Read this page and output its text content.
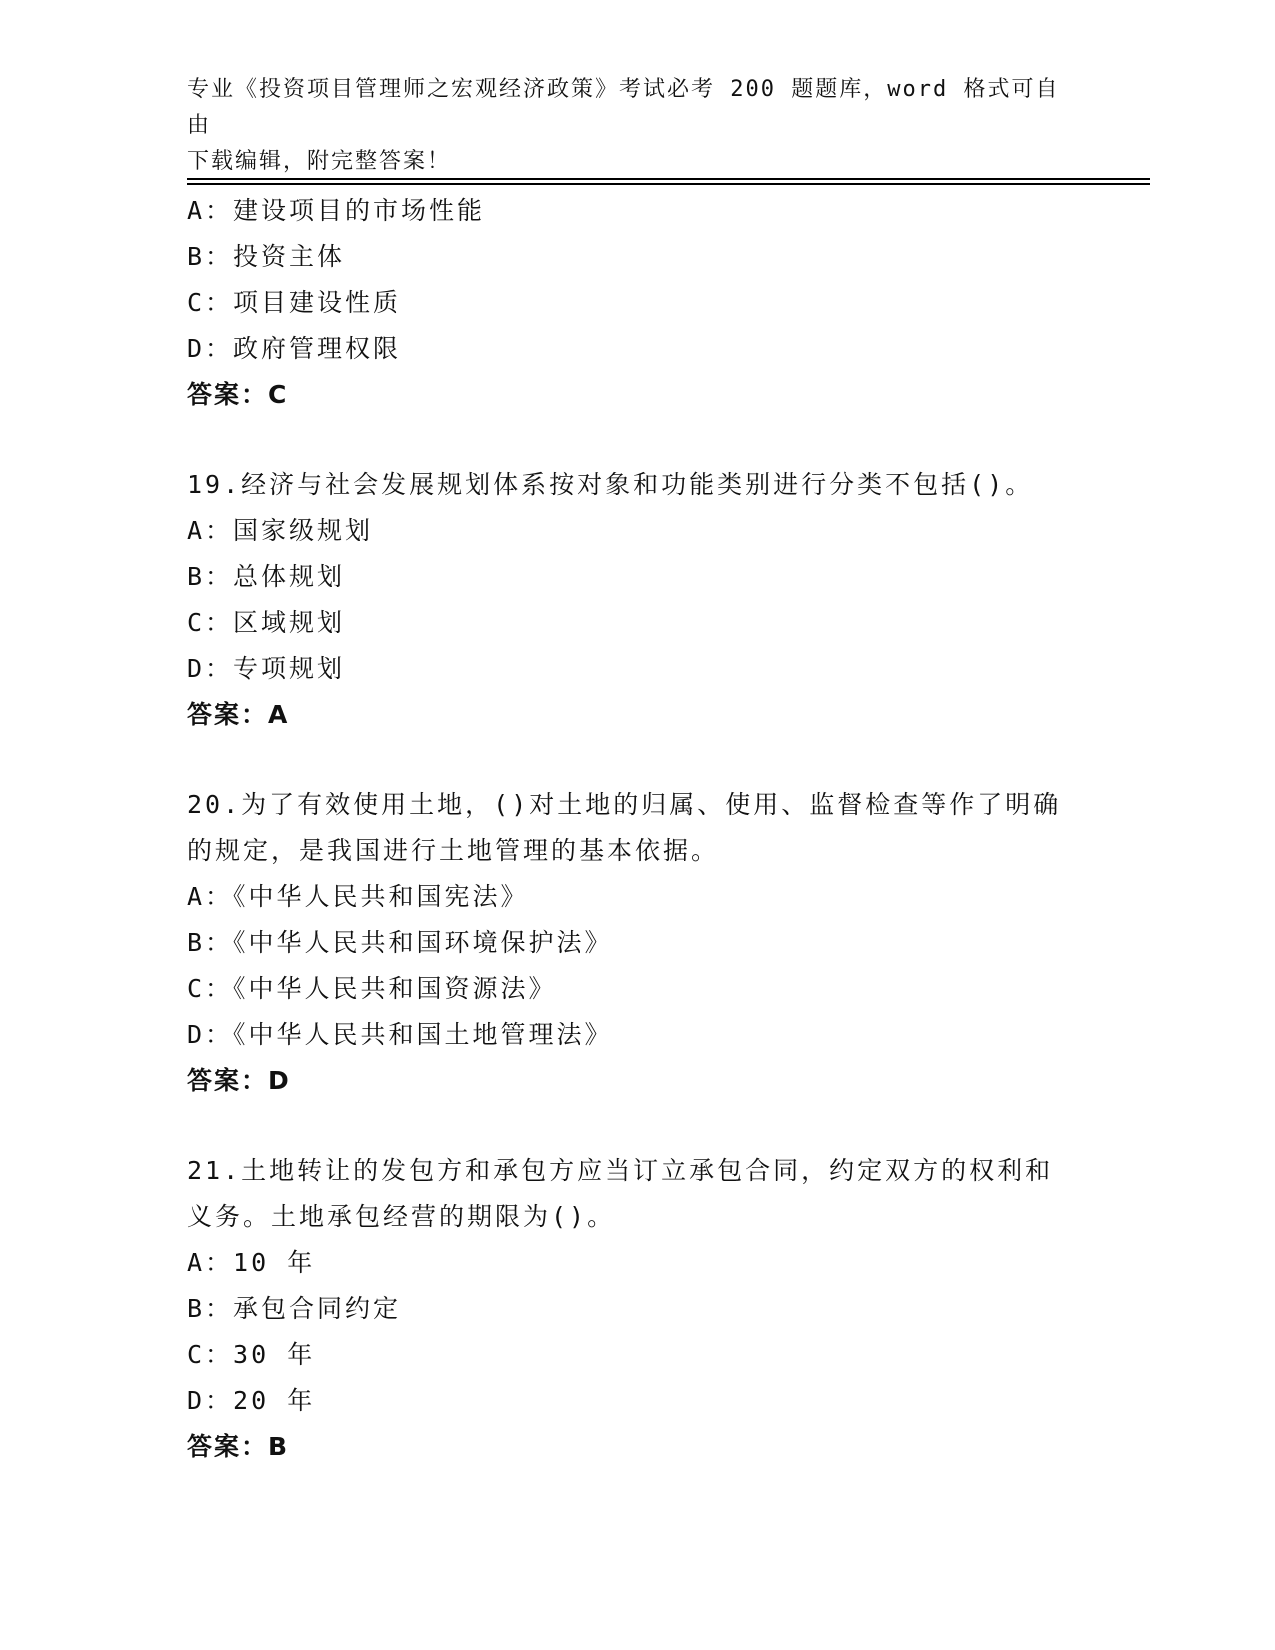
专业《投资项目管理师之宏观经济政策》考试必考 200 题题库，word 格式可自由
下载编辑，附完整答案！
A：建设项目的市场性能
B：投资主体
C：项目建设性质
D：政府管理权限
答案：C
19.经济与社会发展规划体系按对象和功能类别进行分类不包括()。
A：国家级规划
B：总体规划
C：区域规划
D：专项规划
答案：A
20.为了有效使用土地，()对土地的归属、使用、监督检查等作了明确
的规定，是我国进行土地管理的基本依据。
A：《中华人民共和国宪法》
B：《中华人民共和国环境保护法》
C：《中华人民共和国资源法》
D：《中华人民共和国土地管理法》
答案：D
21.土地转让的发包方和承包方应当订立承包合同，约定双方的权利和
义务。土地承包经营的期限为()。
A：10 年
B：承包合同约定
C：30 年
D：20 年
答案：B
